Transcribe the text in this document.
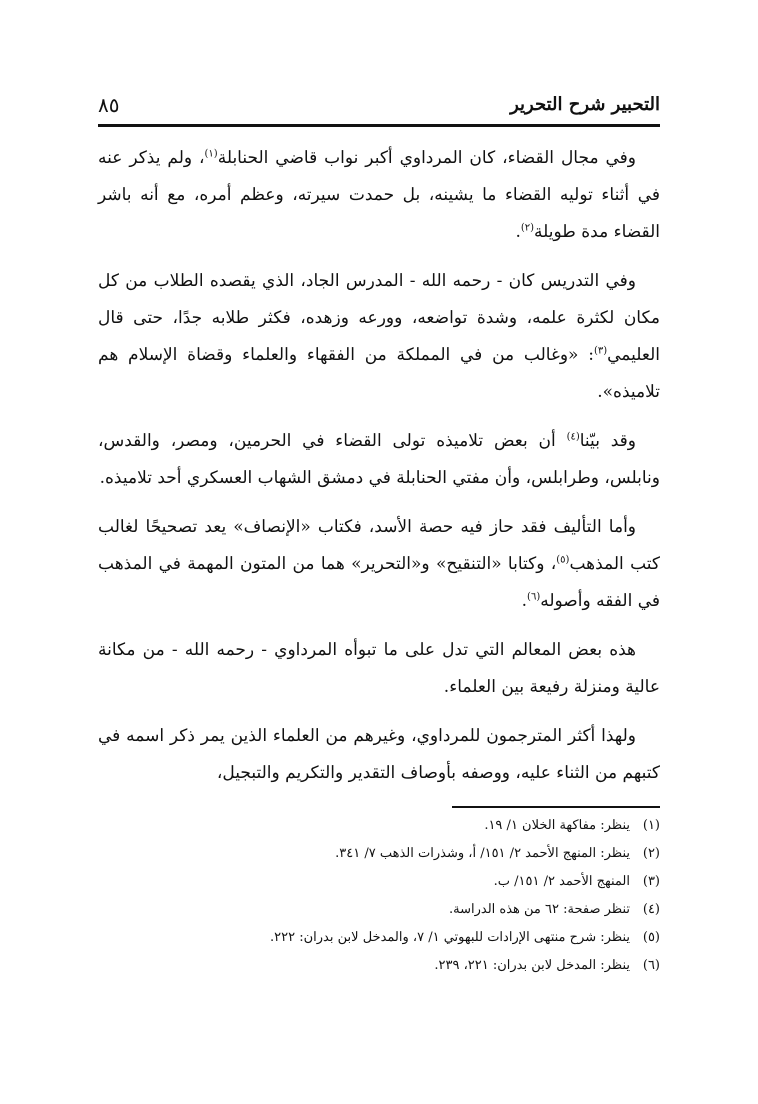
التحبير شرح التحرير
٨٥

وفي مجال القضاء، كان المرداوي أكبر نواب قاضي الحنابلة$^{(١)}$، ولم يذكر عنه في أثناء توليه القضاء ما يشينه، بل حمدت سيرته، وعظم أمره، مع أنه باشر القضاء مدة طويلة$^{(٢)}$.

وفي التدريس كان - رحمه الله - المدرس الجاد، الذي يقصده الطلاب من كل مكان لكثرة علمه، وشدة تواضعه، وورعه وزهده، فكثر طلابه جدًا، حتى قال العليمي$^{(٣)}$: «وغالب من في المملكة من الفقهاء والعلماء وقضاة الإسلام هم تلاميذه».

وقد بيّنا$^{(٤)}$ أن بعض تلاميذه تولى القضاء في الحرمين، ومصر، والقدس، ونابلس، وطرابلس، وأن مفتي الحنابلة في دمشق الشهاب العسكري أحد تلاميذه.

وأما التأليف فقد حاز فيه حصة الأسد، فكتاب «الإنصاف» يعد تصحيحًا لغالب كتب المذهب$^{(٥)}$، وكتابا «التنقيح» و«التحرير» هما من المتون المهمة في المذهب في الفقه وأصوله$^{(٦)}$.

هذه بعض المعالم التي تدل على ما تبوأه المرداوي - رحمه الله - من مكانة عالية ومنزلة رفيعة بين العلماء.

ولهذا أكثر المترجمون للمرداوي، وغيرهم من العلماء الذين يمر ذكر اسمه في كتبهم من الثناء عليه، ووصفه بأوصاف التقدير والتكريم والتبجيل،

(١)
ينظر: مفاكهة الخلان ١/ ١٩.
(٢)
ينظر: المنهج الأحمد ٢/ ١٥١/ أ، وشذرات الذهب ٧/ ٣٤١.
(٣)
المنهج الأحمد ٢/ ١٥١/ ب.
(٤)
تنظر صفحة: ٦٢ من هذه الدراسة.
(٥)
ينظر: شرح منتهى الإرادات للبهوتي ١/ ٧، والمدخل لابن بدران: ٢٢٢.
(٦)
ينظر: المدخل لابن بدران: ٢٢١، ٢٣٩.
